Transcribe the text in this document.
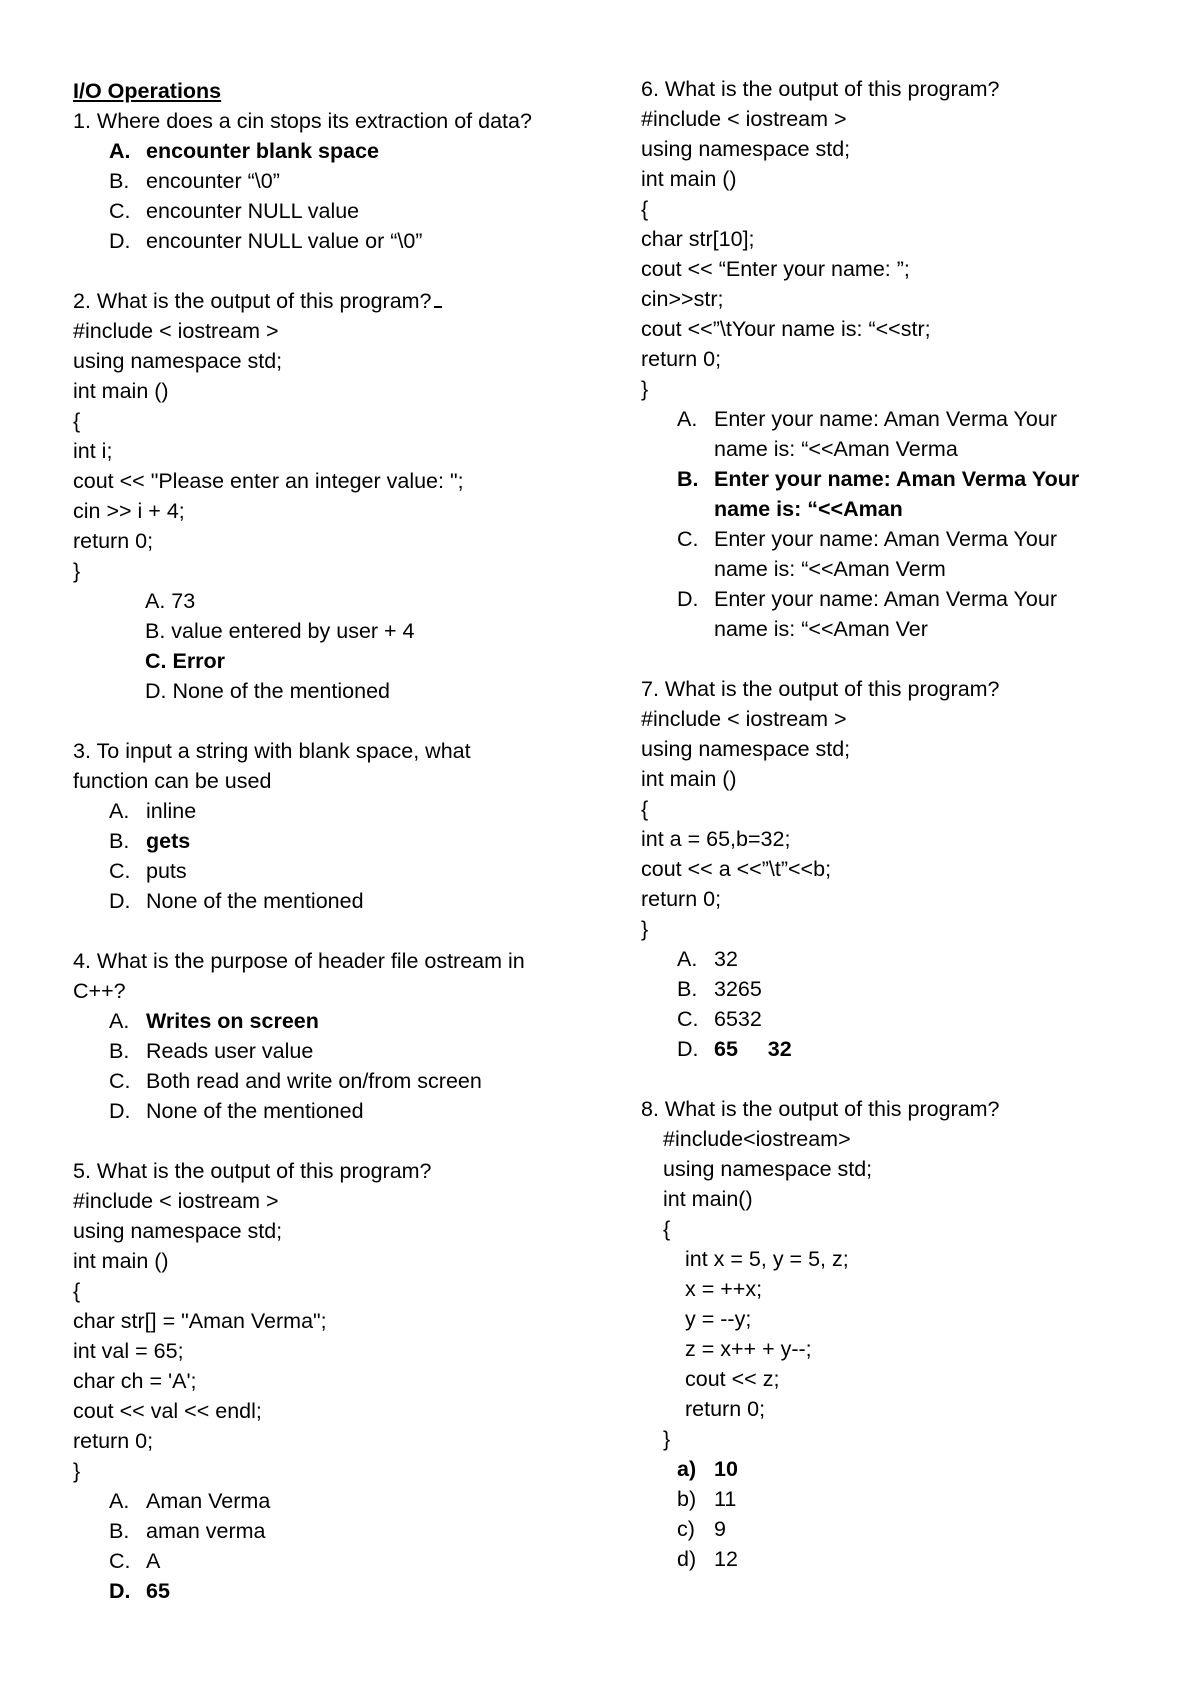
I/O Operations
1. Where does a cin stops its extraction of data?
A. encounter blank space
B. encounter “\0”
C. encounter NULL value
D. encounter NULL value or “\0”
2. What is the output of this program?
#include < iostream >
using namespace std;
int main ()
{
int i;
cout << "Please enter an integer value: ";
cin >> i + 4;
return 0;
}
A. 73
B. value entered by user + 4
C. Error
D. None of the mentioned
3. To input a string with blank space, what
function can be used
A. inline
B. gets
C. puts
D. None of the mentioned
4. What is the purpose of header file ostream in
C++?
A. Writes on screen
B. Reads user value
C. Both read and write on/from screen
D. None of the mentioned
5. What is the output of this program?
#include < iostream >
using namespace std;
int main ()
{
char str[] = "Aman Verma";
int val = 65;
char ch = 'A';
cout << val << endl;
return 0;
}
A. Aman Verma
B. aman verma
C. A
D. 65
6. What is the output of this program?
#include < iostream >
using namespace std;
int main ()
{
char str[10];
cout << “Enter your name: ”;
cin>>str;
cout <<”\tYour name is: “<<str;
return 0;
}
A. Enter your name: Aman Verma Your
name is: “<<Aman Verma
B. Enter your name: Aman Verma Your
name is: “<<Aman
C. Enter your name: Aman Verma Your
name is: “<<Aman Verm
D. Enter your name: Aman Verma Your
name is: “<<Aman Ver
7. What is the output of this program?
#include < iostream >
using namespace std;
int main ()
{
int a = 65,b=32;
cout << a <<”\t”<<b;
return 0;
}
A. 32
B. 3265
C. 6532
D. 65     32
8. What is the output of this program?
#include<iostream>
using namespace std;
int main()
{
int x = 5, y = 5, z;
x = ++x;
y = --y;
z = x++ + y--;
cout << z;
return 0;
}
a) 10
b) 11
c) 9
d) 12
